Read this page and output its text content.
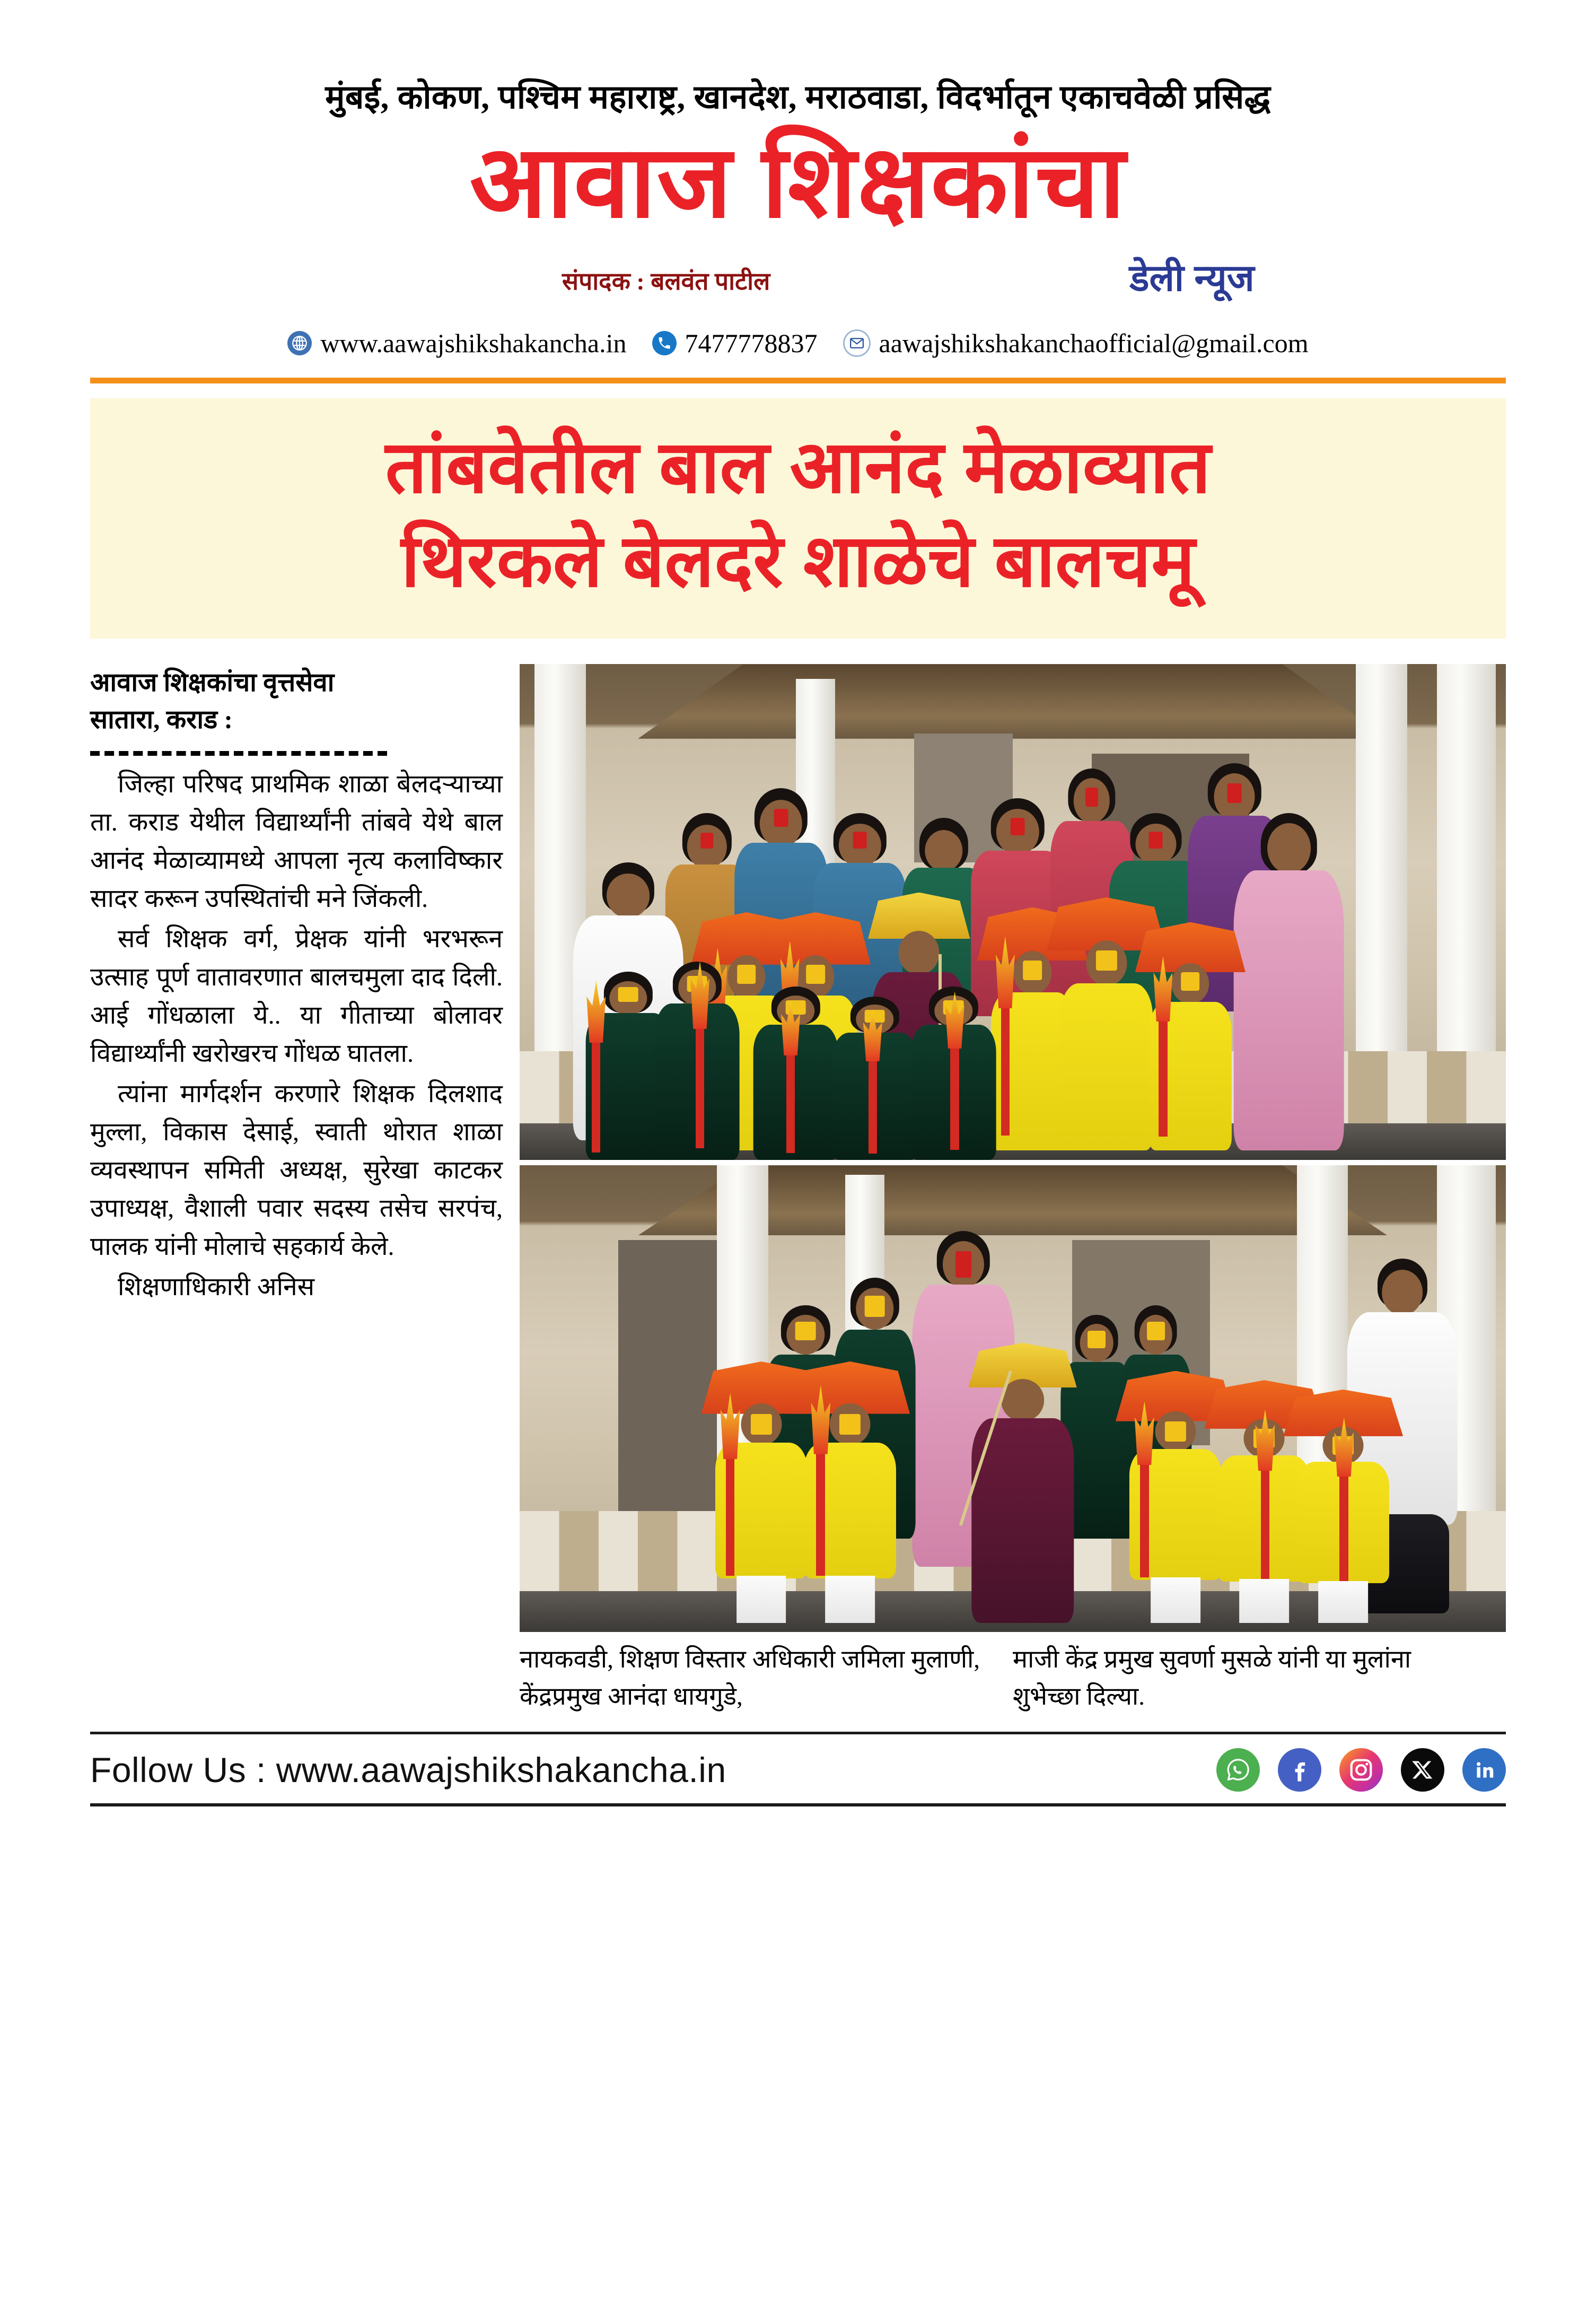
मुंबई, कोकण, पश्चिम महाराष्ट्र, खानदेश, मराठवाडा, विदर्भातून एकाचवेळी प्रसिद्ध
आवाज शिक्षकांचा
संपादक : बलवंत पाटील	डेली न्यूज
www.aawajshikshakancha.in 7477778837 aawajshikshakanchaofficial@gmail.com
तांबवेतील बाल आनंद मेळाव्यात
थिरकले बेलदरे शाळेचे बालचमू
आवाज शिक्षकांचा वृत्तसेवा
सातारा, कराड :

जिल्हा परिषद प्राथमिक शाळा बेलदऱ्याच्या ता. कराड येथील विद्यार्थ्यांनी तांबवे येथे बाल आनंद मेळाव्यामध्ये आपला नृत्य कलाविष्कार सादर करून उपस्थितांची मने जिंकली.

सर्व शिक्षक वर्ग, प्रेक्षक यांनी भरभरून उत्साह पूर्ण वातावरणात बालचमुला दाद दिली. आई गोंधळाला ये.. या गीताच्या बोलावर विद्यार्थ्यांनी खरोखरच गोंधळ घातला.

त्यांना मार्गदर्शन करणारे शिक्षक दिलशाद मुल्ला, विकास देसाई, स्वाती थोरात शाळा व्यवस्थापन समिती अध्यक्ष, सुरेखा काटकर उपाध्यक्ष, वैशाली पवार सदस्य तसेच सरपंच, पालक यांनी मोलाचे सहकार्य केले.

शिक्षणाधिकारी अनिस

नायकवडी, शिक्षण विस्तार अधिकारी जमिला मुलाणी, केंद्रप्रमुख आनंदा धायगुडे,
माजी केंद्र प्रमुख सुवर्णा मुसळे यांनी या मुलांना शुभेच्छा दिल्या.
Follow Us : www.aawajshikshakancha.in
